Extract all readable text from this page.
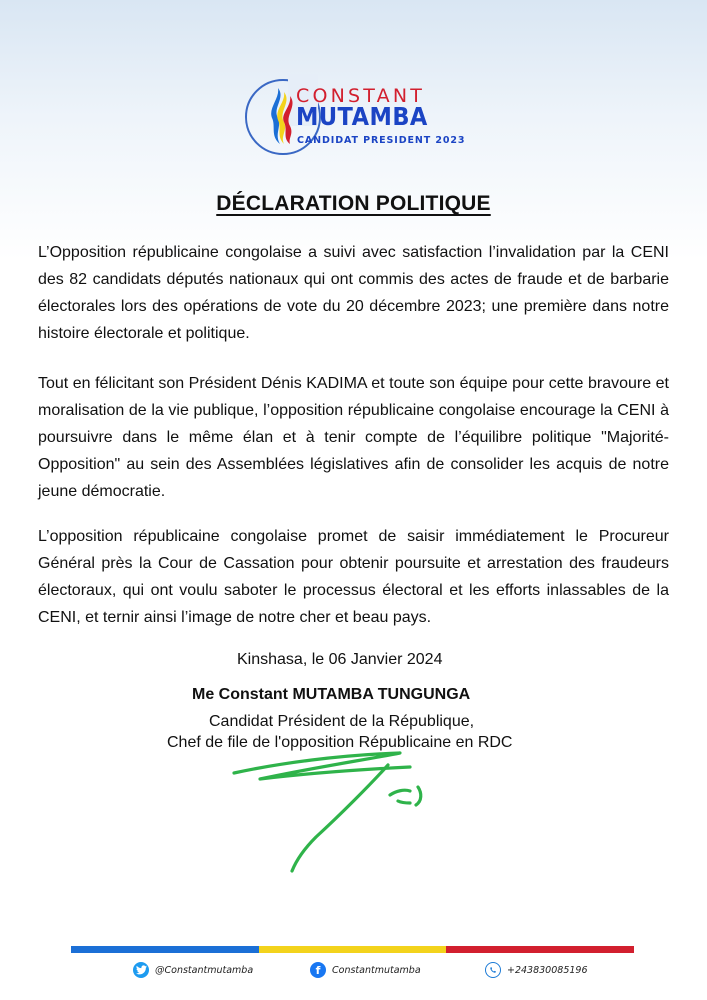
CONSTANT
MUTAMBA
CANDIDAT PRESIDENT 2023
DÉCLARATION POLITIQUE

L’Opposition républicaine congolaise a suivi avec satisfaction l’invalidation par la CENI des 82 candidats députés nationaux qui ont commis des actes de fraude et de barbarie électorales lors des opérations de vote du 20 décembre 2023; une première dans notre histoire électorale et politique.

Tout en félicitant son Président Dénis KADIMA et toute son équipe pour cette bravoure et moralisation de la vie publique, l’opposition républicaine congolaise encourage la CENI à poursuivre dans le même élan et à tenir compte de l’équilibre politique "Majorité-Opposition" au sein des Assemblées législatives afin de consolider les acquis de notre jeune démocratie.

L’opposition républicaine congolaise promet de saisir immédiatement le Procureur Général près la Cour de Cassation pour obtenir poursuite et arrestation des fraudeurs électoraux, qui ont voulu saboter le processus électoral et les efforts inlassables de la CENI, et ternir ainsi l’image de notre cher et beau pays.

Kinshasa, le 06 Janvier 2024
Me Constant MUTAMBA TUNGUNGA
Candidat Président de la République,
Chef de file de l'opposition Républicaine en RDC
@Constantmutamba	f	Constantmutamba	+243830085196
